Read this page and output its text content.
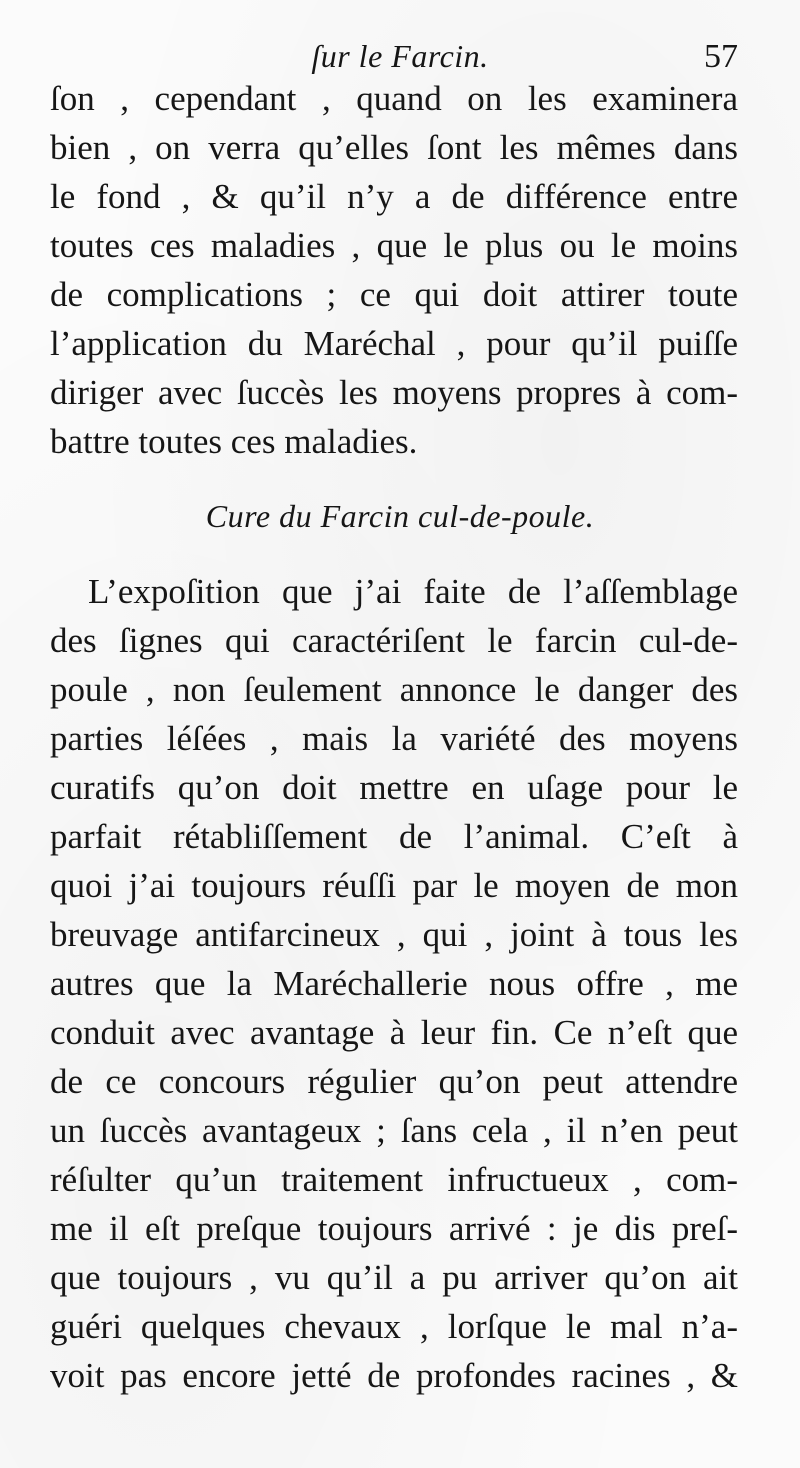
ſur le Farcin.	57
ſon , cependant , quand on les examinera
bien , on verra qu’elles ſont les mêmes dans
le fond , & qu’il n’y a de différence entre
toutes ces maladies , que le plus ou le moins
de complications ; ce qui doit attirer toute
l’application du Maréchal , pour qu’il puiſſe
diriger avec ſuccès les moyens propres à com-
battre toutes ces maladies.
Cure du Farcin cul-de-poule.
L’expoſition que j’ai faite de l’aſſemblage
des ſignes qui caractériſent le farcin cul-de-
poule , non ſeulement annonce le danger des
parties léſées , mais la variété des moyens
curatifs qu’on doit mettre en uſage pour le
parfait rétabliſſement de l’animal. C’eſt à
quoi j’ai toujours réuſſi par le moyen de mon
breuvage antifarcineux , qui , joint à tous les
autres que la Maréchallerie nous offre , me
conduit avec avantage à leur fin. Ce n’eſt que
de ce concours régulier qu’on peut attendre
un ſuccès avantageux ; ſans cela , il n’en peut
réſulter qu’un traitement infructueux , com-
me il eſt preſque toujours arrivé : je dis preſ-
que toujours , vu qu’il a pu arriver qu’on ait
guéri quelques chevaux , lorſque le mal n’a-
voit pas encore jetté de profondes racines , &
